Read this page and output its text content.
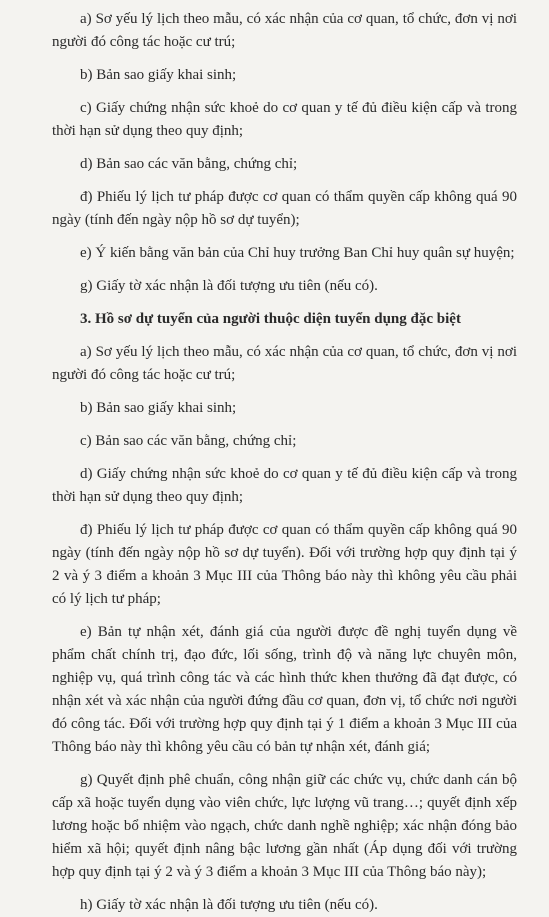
a) Sơ yếu lý lịch theo mẫu, có xác nhận của cơ quan, tổ chức, đơn vị nơi người đó công tác hoặc cư trú;

b) Bản sao giấy khai sinh;

c) Giấy chứng nhận sức khoẻ do cơ quan y tế đủ điều kiện cấp và trong thời hạn sử dụng theo quy định;

d) Bản sao các văn bằng, chứng chỉ;

đ) Phiếu lý lịch tư pháp được cơ quan có thẩm quyền cấp không quá 90 ngày (tính đến ngày nộp hồ sơ dự tuyển);

e) Ý kiến bằng văn bản của Chỉ huy trưởng Ban Chỉ huy quân sự huyện;

g) Giấy tờ xác nhận là đối tượng ưu tiên (nếu có).

3. Hồ sơ dự tuyển của người thuộc diện tuyển dụng đặc biệt

a) Sơ yếu lý lịch theo mẫu, có xác nhận của cơ quan, tổ chức, đơn vị nơi người đó công tác hoặc cư trú;

b) Bản sao giấy khai sinh;

c) Bản sao các văn bằng, chứng chỉ;

d) Giấy chứng nhận sức khoẻ do cơ quan y tế đủ điều kiện cấp và trong thời hạn sử dụng theo quy định;

đ) Phiếu lý lịch tư pháp được cơ quan có thẩm quyền cấp không quá 90 ngày (tính đến ngày nộp hồ sơ dự tuyển). Đối với trường hợp quy định tại ý 2 và ý 3 điểm a khoản 3 Mục III của Thông báo này thì không yêu cầu phải có lý lịch tư pháp;

e) Bản tự nhận xét, đánh giá của người được đề nghị tuyển dụng về phẩm chất chính trị, đạo đức, lối sống, trình độ và năng lực chuyên môn, nghiệp vụ, quá trình công tác và các hình thức khen thưởng đã đạt được, có nhận xét và xác nhận của người đứng đầu cơ quan, đơn vị, tổ chức nơi người đó công tác. Đối với trường hợp quy định tại ý 1 điểm a khoản 3 Mục III của Thông báo này thì không yêu cầu có bản tự nhận xét, đánh giá;

g) Quyết định phê chuẩn, công nhận giữ các chức vụ, chức danh cán bộ cấp xã hoặc tuyển dụng vào viên chức, lực lượng vũ trang…; quyết định xếp lương hoặc bổ nhiệm vào ngạch, chức danh nghề nghiệp; xác nhận đóng bảo hiểm xã hội; quyết định nâng bậc lương gần nhất (Áp dụng đối với trường hợp quy định tại ý 2 và ý 3 điểm a khoản 3 Mục III của Thông báo này);

h) Giấy tờ xác nhận là đối tượng ưu tiên (nếu có).
